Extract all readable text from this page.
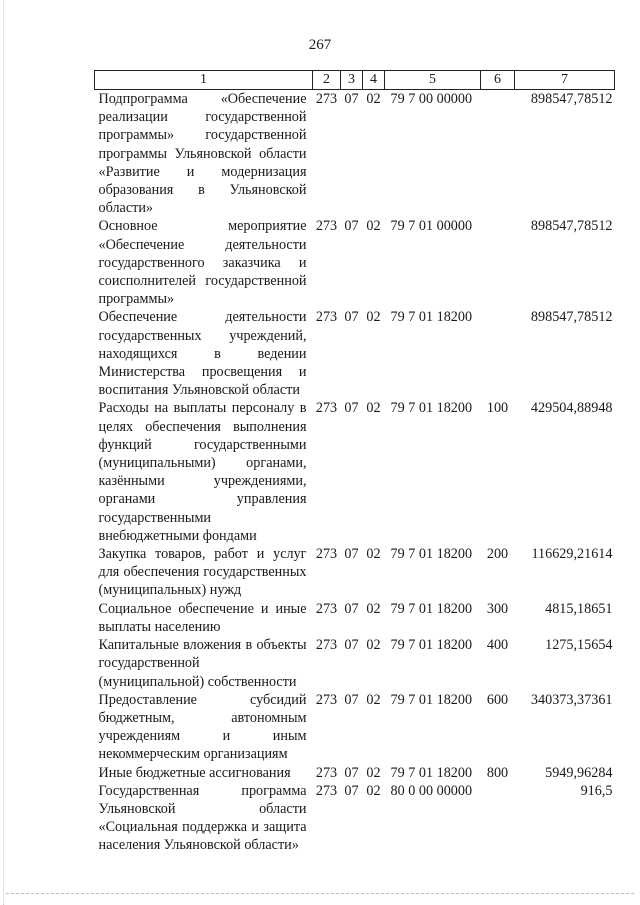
267
1	2	3	4	5	6	7
Подпрограмма «Обеспечение реализации государственной программы» государственной программы Ульяновской области «Развитие и модернизация образования в Ульяновской области»	273	07	02	79 7 00 00000		898547,78512
Основное мероприятие «Обеспечение деятельности государственного заказчика и соисполнителей государственной программы»	273	07	02	79 7 01 00000		898547,78512
Обеспечение деятельности государственных учреждений, находящихся в ведении Министерства просвещения и воспитания Ульяновской области	273	07	02	79 7 01 18200		898547,78512
Расходы на выплаты персоналу в целях обеспечения выполнения функций государственными (муниципальными) органами, казёнными учреждениями, органами управления государственными внебюджетными фондами	273	07	02	79 7 01 18200	100	429504,88948
Закупка товаров, работ и услуг для обеспечения государственных (муниципальных) нужд	273	07	02	79 7 01 18200	200	116629,21614
Социальное обеспечение и иные выплаты населению	273	07	02	79 7 01 18200	300	4815,18651
Капитальные вложения в объекты государственной (муниципальной) собственности	273	07	02	79 7 01 18200	400	1275,15654
Предоставление субсидий бюджетным, автономным учреждениям и иным некоммерческим организациям	273	07	02	79 7 01 18200	600	340373,37361
Иные бюджетные ассигнования	273	07	02	79 7 01 18200	800	5949,96284
Государственная программа Ульяновской области «Социальная поддержка и защита населения Ульяновской области»	273	07	02	80 0 00 00000		916,5
